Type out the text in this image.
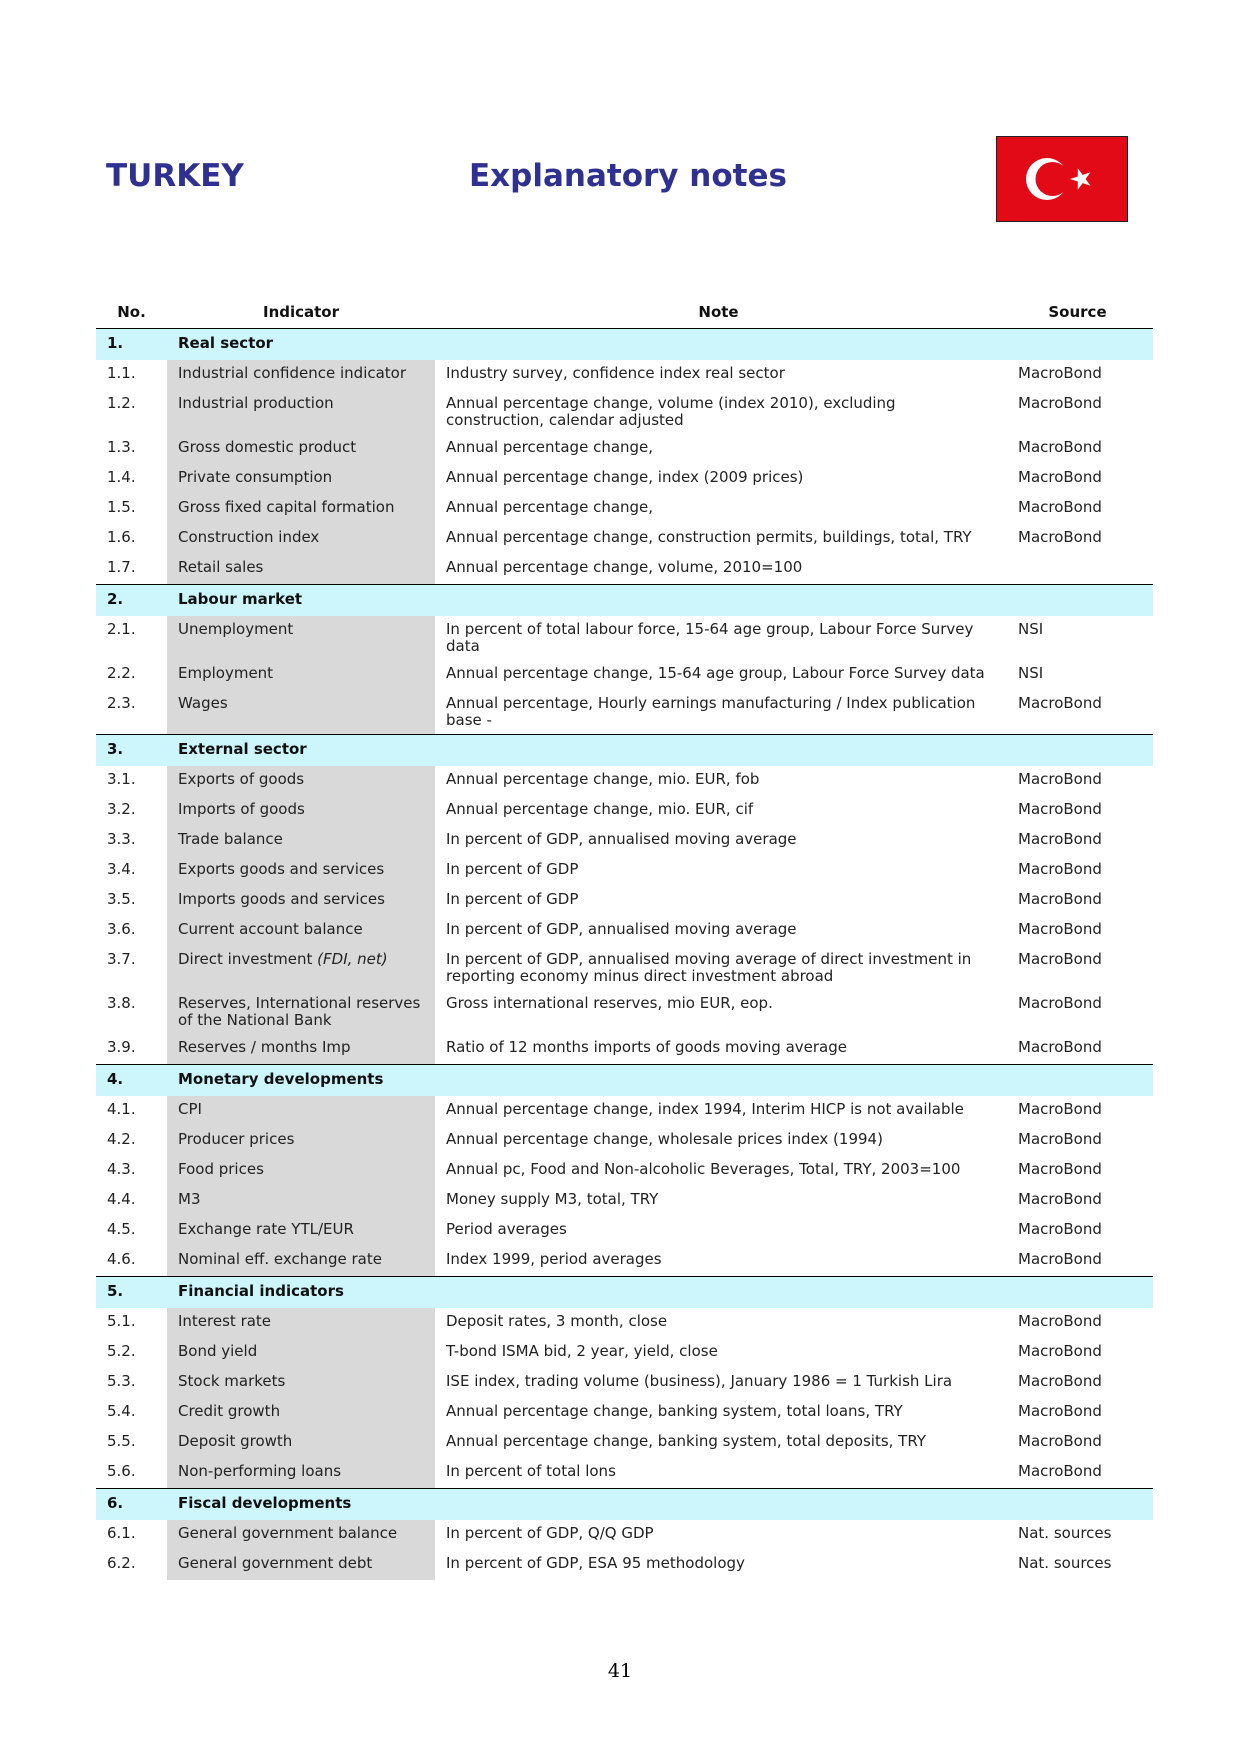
TURKEY	Explanatory notes
No.	Indicator	Note	Source
1.	Real sector		
1.1.	Industrial confidence indicator	Industry survey, confidence index real sector	MacroBond
1.2.	Industrial production	Annual percentage change, volume (index 2010), excluding construction, calendar adjusted	MacroBond
1.3.	Gross domestic product	Annual percentage change,	MacroBond
1.4.	Private consumption	Annual percentage change, index (2009 prices)	MacroBond
1.5.	Gross fixed capital formation	Annual percentage change,	MacroBond
1.6.	Construction index	Annual percentage change, construction permits, buildings, total, TRY	MacroBond
1.7.	Retail sales	Annual percentage change, volume, 2010=100	
2.	Labour market		
2.1.	Unemployment	In percent of total labour force, 15-64 age group, Labour Force Survey data	NSI
2.2.	Employment	Annual percentage change, 15-64 age group, Labour Force Survey data	NSI
2.3.	Wages	Annual percentage, Hourly earnings manufacturing / Index publication base -	MacroBond
3.	External sector		
3.1.	Exports of goods	Annual percentage change, mio. EUR, fob	MacroBond
3.2.	Imports of goods	Annual percentage change, mio. EUR, cif	MacroBond
3.3.	Trade balance	In percent of GDP, annualised moving average	MacroBond
3.4.	Exports goods and services	In percent of GDP	MacroBond
3.5.	Imports goods and services	In percent of GDP	MacroBond
3.6.	Current account balance	In percent of GDP, annualised moving average	MacroBond
3.7.	Direct investment (FDI, net)	In percent of GDP, annualised moving average of direct investment in reporting economy minus direct investment abroad	MacroBond
3.8.	Reserves, International reserves of the National Bank	Gross international reserves, mio EUR, eop.	MacroBond
3.9.	Reserves / months Imp	Ratio of 12 months imports of goods moving average	MacroBond
4.	Monetary developments		
4.1.	CPI	Annual percentage change, index 1994, Interim HICP is not available	MacroBond
4.2.	Producer prices	Annual percentage change, wholesale prices index (1994)	MacroBond
4.3.	Food prices	Annual pc, Food and Non-alcoholic Beverages, Total, TRY, 2003=100	MacroBond
4.4.	M3	Money supply M3, total, TRY	MacroBond
4.5.	Exchange rate YTL/EUR	Period averages	MacroBond
4.6.	Nominal eff. exchange rate	Index 1999, period averages	MacroBond
5.	Financial indicators		
5.1.	Interest rate	Deposit rates, 3 month, close	MacroBond
5.2.	Bond yield	T-bond ISMA bid, 2 year, yield, close	MacroBond
5.3.	Stock markets	ISE index, trading volume (business), January 1986 = 1 Turkish Lira	MacroBond
5.4.	Credit growth	Annual percentage change, banking system, total loans, TRY	MacroBond
5.5.	Deposit growth	Annual percentage change, banking system, total deposits, TRY	MacroBond
5.6.	Non-performing loans	In percent of total lons	MacroBond
6.	Fiscal developments		
6.1.	General government balance	In percent of GDP, Q/Q GDP	Nat. sources
6.2.	General government debt	In percent of GDP, ESA 95 methodology	Nat. sources
41
